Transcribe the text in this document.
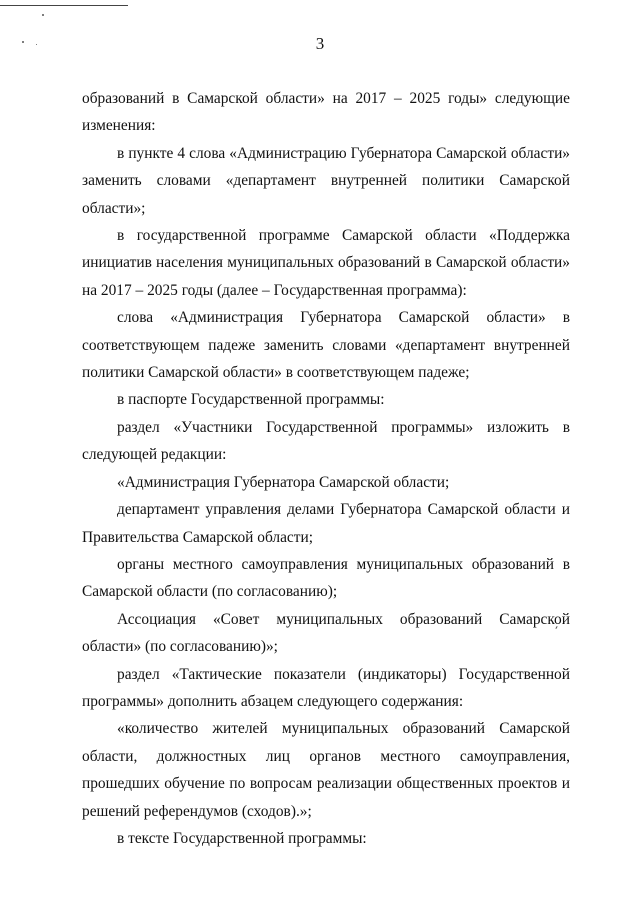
3

образований в Самарской области» на 2017 – 2025 годы» следующие изменения:

в пункте 4 слова «Администрацию Губернатора Самарской области» заменить словами «департамент внутренней политики Самарской области»;

в государственной программе Самарской области «Поддержка инициатив населения муниципальных образований в Самарской области» на 2017 – 2025 годы (далее – Государственная программа):

слова «Администрация Губернатора Самарской области» в соответствующем падеже заменить словами «департамент внутренней политики Самарской области» в соответствующем падеже;

в паспорте Государственной программы:

раздел «Участники Государственной программы» изложить в следующей редакции:

«Администрация Губернатора Самарской области;

департамент управления делами Губернатора Самарской области и Правительства Самарской области;

органы местного самоуправления муниципальных образований в Самарской области (по согласованию);

Ассоциация «Совет муниципальных образований Самарской области» (по согласованию)»;

раздел «Тактические показатели (индикаторы) Государственной программы» дополнить абзацем следующего содержания:

«количество жителей муниципальных образований Самарской области, должностных лиц органов местного самоуправления, прошедших обучение по вопросам реализации общественных проектов и решений референдумов (сходов).»;

в тексте Государственной программы:
